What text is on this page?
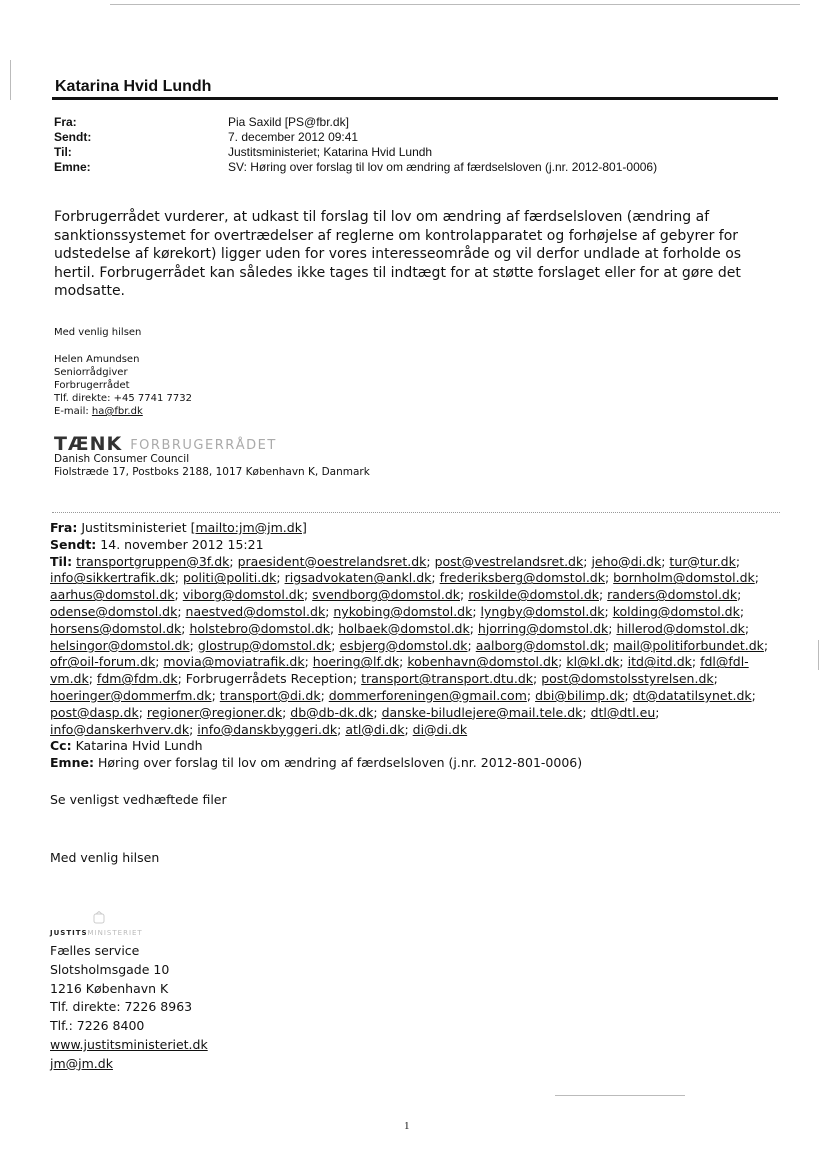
Katarina Hvid Lundh
Fra:	Pia Saxild [PS@fbr.dk]
Sendt:	7. december 2012 09:41
Til:	Justitsministeriet; Katarina Hvid Lundh
Emne:	SV: Høring over forslag til lov om ændring af færdselsloven (j.nr. 2012-801-0006)
Forbrugerrådet vurderer, at udkast til forslag til lov om ændring af færdselsloven (ændring af sanktionssystemet for overtrædelser af reglerne om kontrolapparatet og forhøjelse af gebyrer for udstedelse af kørekort) ligger uden for vores interesseområde og vil derfor undlade at forholde os hertil. Forbrugerrådet kan således ikke tages til indtægt for at støtte forslaget eller for at gøre det modsatte.
Med venlig hilsen
Helen Amundsen
Seniorrådgiver
Forbrugerrådet
Tlf. direkte: +45 7741 7732
E-mail: ha@fbr.dk
TÆNK FORBRUGERRÅDET
Danish Consumer Council
Fiolstræde 17, Postboks 2188, 1017 København K, Danmark
Fra: Justitsministeriet [mailto:jm@jm.dk]
Sendt: 14. november 2012 15:21
Til: transportgruppen@3f.dk; praesident@oestrelandsret.dk; post@vestrelandsret.dk; jeho@di.dk; tur@tur.dk; info@sikkertrafik.dk; politi@politi.dk; rigsadvokaten@ankl.dk; frederiksberg@domstol.dk; bornholm@domstol.dk; aarhus@domstol.dk; viborg@domstol.dk; svendborg@domstol.dk; roskilde@domstol.dk; randers@domstol.dk; odense@domstol.dk; naestved@domstol.dk; nykobing@domstol.dk; lyngby@domstol.dk; kolding@domstol.dk; horsens@domstol.dk; holstebro@domstol.dk; holbaek@domstol.dk; hjorring@domstol.dk; hillerod@domstol.dk; helsingor@domstol.dk; glostrup@domstol.dk; esbjerg@domstol.dk; aalborg@domstol.dk; mail@politiforbundet.dk; ofr@oil-forum.dk; movia@moviatrafik.dk; hoering@lf.dk; kobenhavn@domstol.dk; kl@kl.dk; itd@itd.dk; fdl@fdl-vm.dk; fdm@fdm.dk; Forbrugerrådets Reception; transport@transport.dtu.dk; post@domstolsstyrelsen.dk; hoeringer@dommerfm.dk; transport@di.dk; dommerforeningen@gmail.com; dbi@bilimp.dk; dt@datatilsynet.dk; post@dasp.dk; regioner@regioner.dk; db@db-dk.dk; danske-biludlejere@mail.tele.dk; dtl@dtl.eu; info@danskerhverv.dk; info@danskbyggeri.dk; atl@di.dk; di@di.dk
Cc: Katarina Hvid Lundh
Emne: Høring over forslag til lov om ændring af færdselsloven (j.nr. 2012-801-0006)
Se venligst vedhæftede filer
Med venlig hilsen
JUSTITSMINISTERIET
Fælles service
Slotsholmsgade 10
1216 København K
Tlf. direkte: 7226 8963
Tlf.: 7226 8400
www.justitsministeriet.dk
jm@jm.dk
1
